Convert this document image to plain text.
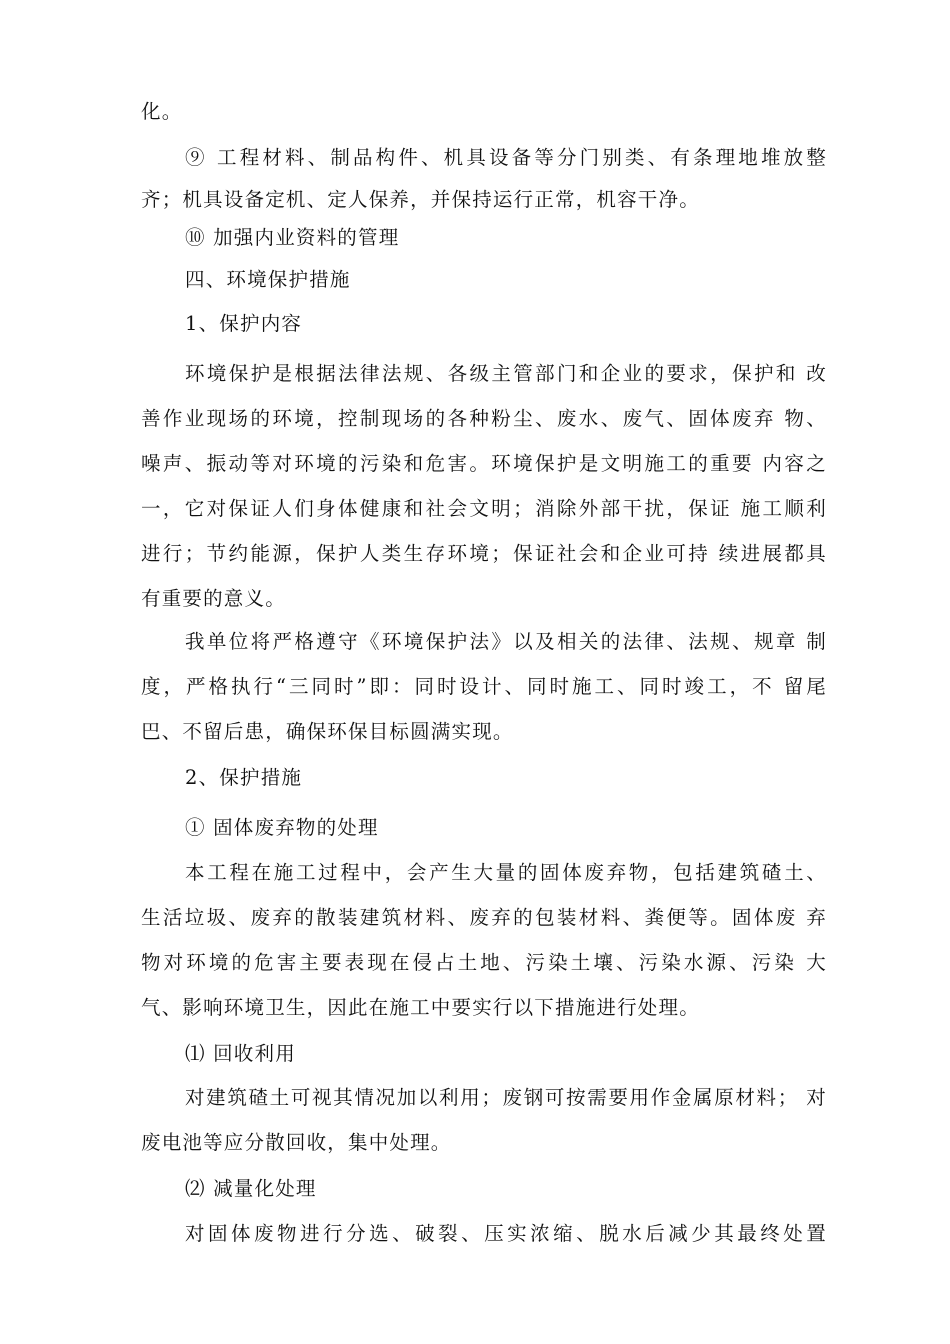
化。
⑨ 工程材料、制品构件、机具设备等分门别类、有条理地堆放整
齐；机具设备定机、定人保养，并保持运行正常，机容干净。
⑩ 加强内业资料的管理
四、环境保护措施
1、保护内容
环境保护是根据法律法规、各级主管部门和企业的要求，保护和 改
善作业现场的环境，控制现场的各种粉尘、废水、废气、固体废弃 物、
噪声、振动等对环境的污染和危害。环境保护是文明施工的重要 内容之
一，它对保证人们身体健康和社会文明；消除外部干扰，保证 施工顺利
进行；节约能源，保护人类生存环境；保证社会和企业可持 续进展都具
有重要的意义。
我单位将严格遵守《环境保护法》以及相关的法律、法规、规章 制
度，严格执行“三同时”即：同时设计、同时施工、同时竣工，不 留尾
巴、不留后患，确保环保目标圆满实现。
2、保护措施
① 固体废弃物的处理
本工程在施工过程中，会产生大量的固体废弃物，包括建筑碴土、
生活垃圾、废弃的散装建筑材料、废弃的包装材料、粪便等。固体废 弃
物对环境的危害主要表现在侵占土地、污染土壤、污染水源、污染 大
气、影响环境卫生，因此在施工中要实行以下措施进行处理。
⑴ 回收利用
对建筑碴土可视其情况加以利用；废钢可按需要用作金属原材料； 对
废电池等应分散回收，集中处理。
⑵ 减量化处理
对固体废物进行分选、破裂、压实浓缩、脱水后减少其最终处置
